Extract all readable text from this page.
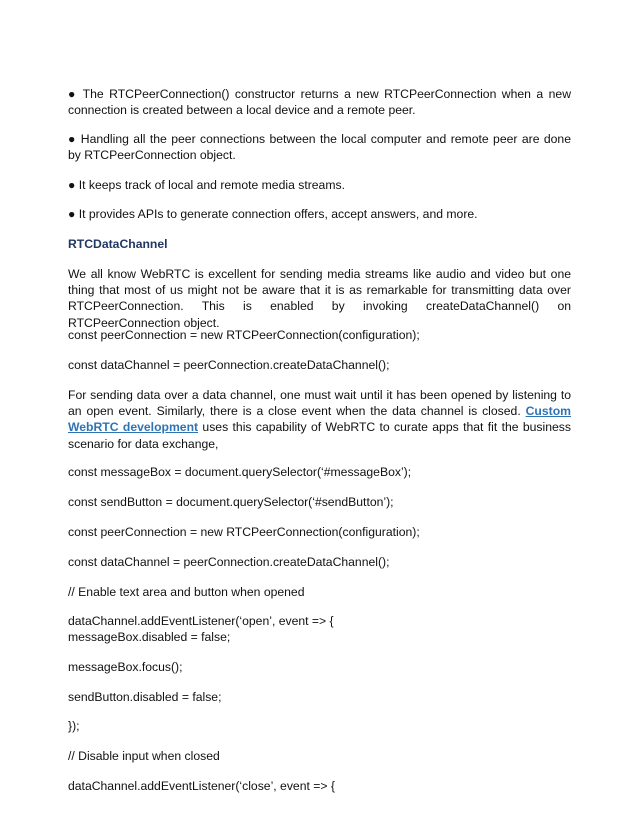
● The RTCPeerConnection() constructor returns a new RTCPeerConnection when a new connection is created between a local device and a remote peer.

● Handling all the peer connections between the local computer and remote peer are done by RTCPeerConnection object.

● It keeps track of local and remote media streams.

● It provides APIs to generate connection offers, accept answers, and more.

RTCDataChannel

We all know WebRTC is excellent for sending media streams like audio and video but one thing that most of us might not be aware that it is as remarkable for transmitting data over RTCPeerConnection. This is enabled by invoking createDataChannel() on RTCPeerConnection object.

const peerConnection = new RTCPeerConnection(configuration);

const dataChannel = peerConnection.createDataChannel();

For sending data over a data channel, one must wait until it has been opened by listening to an open event. Similarly, there is a close event when the data channel is closed. Custom WebRTC development uses this capability of WebRTC to curate apps that fit the business scenario for data exchange,

const messageBox = document.querySelector(‘#messageBox’);

const sendButton = document.querySelector(‘#sendButton’);

const peerConnection = new RTCPeerConnection(configuration);

const dataChannel = peerConnection.createDataChannel();

// Enable text area and button when opened

dataChannel.addEventListener(‘open’, event => {

messageBox.disabled = false;

messageBox.focus();

sendButton.disabled = false;

});

// Disable input when closed

dataChannel.addEventListener(‘close’, event => {
